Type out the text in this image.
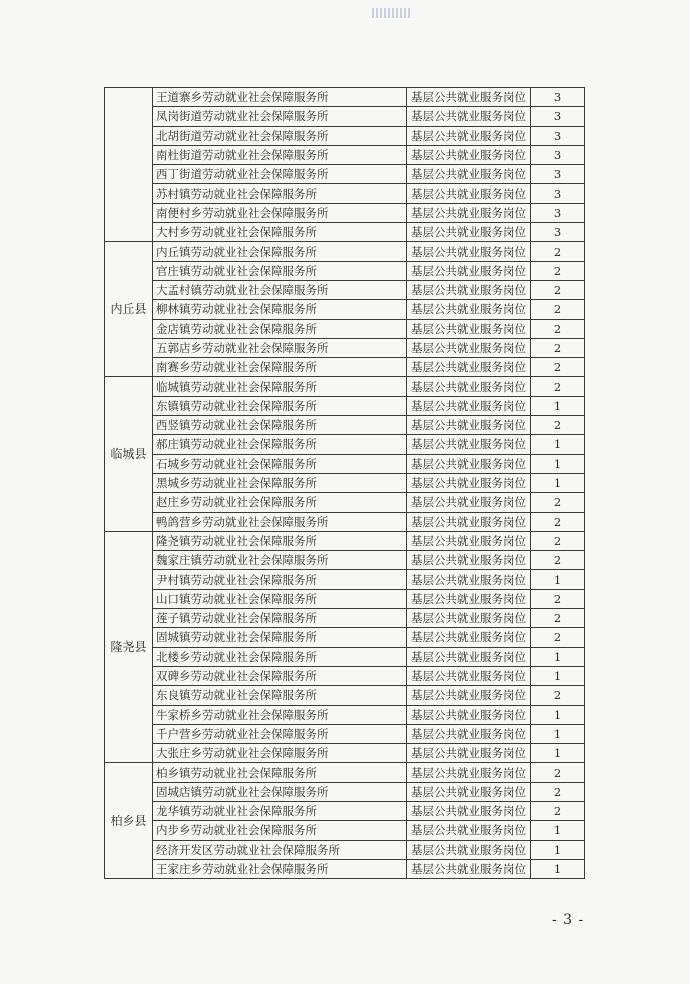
	王道寨乡劳动就业社会保障服务所	基层公共就业服务岗位	3
	凤岗街道劳动就业社会保障服务所	基层公共就业服务岗位	3
	北胡街道劳动就业社会保障服务所	基层公共就业服务岗位	3
	南杜街道劳动就业社会保障服务所	基层公共就业服务岗位	3
	西丁街道劳动就业社会保障服务所	基层公共就业服务岗位	3
	苏村镇劳动就业社会保障服务所	基层公共就业服务岗位	3
	南便村乡劳动就业社会保障服务所	基层公共就业服务岗位	3
	大村乡劳动就业社会保障服务所	基层公共就业服务岗位	3
内丘县	内丘镇劳动就业社会保障服务所	基层公共就业服务岗位	2
	官庄镇劳动就业社会保障服务所	基层公共就业服务岗位	2
	大孟村镇劳动就业社会保障服务所	基层公共就业服务岗位	2
	柳林镇劳动就业社会保障服务所	基层公共就业服务岗位	2
	金店镇劳动就业社会保障服务所	基层公共就业服务岗位	2
	五郭店乡劳动就业社会保障服务所	基层公共就业服务岗位	2
	南赛乡劳动就业社会保障服务所	基层公共就业服务岗位	2
临城县	临城镇劳动就业社会保障服务所	基层公共就业服务岗位	2
	东镇镇劳动就业社会保障服务所	基层公共就业服务岗位	1
	西竖镇劳动就业社会保障服务所	基层公共就业服务岗位	2
	郝庄镇劳动就业社会保障服务所	基层公共就业服务岗位	1
	石城乡劳动就业社会保障服务所	基层公共就业服务岗位	1
	黑城乡劳动就业社会保障服务所	基层公共就业服务岗位	1
	赵庄乡劳动就业社会保障服务所	基层公共就业服务岗位	2
	鸭鸽营乡劳动就业社会保障服务所	基层公共就业服务岗位	2
隆尧县	隆尧镇劳动就业社会保障服务所	基层公共就业服务岗位	2
	魏家庄镇劳动就业社会保障服务所	基层公共就业服务岗位	2
	尹村镇劳动就业社会保障服务所	基层公共就业服务岗位	1
	山口镇劳动就业社会保障服务所	基层公共就业服务岗位	2
	莲子镇劳动就业社会保障服务所	基层公共就业服务岗位	2
	固城镇劳动就业社会保障服务所	基层公共就业服务岗位	2
	北楼乡劳动就业社会保障服务所	基层公共就业服务岗位	1
	双碑乡劳动就业社会保障服务所	基层公共就业服务岗位	1
	东良镇劳动就业社会保障服务所	基层公共就业服务岗位	2
	牛家桥乡劳动就业社会保障服务所	基层公共就业服务岗位	1
	千户营乡劳动就业社会保障服务所	基层公共就业服务岗位	1
	大张庄乡劳动就业社会保障服务所	基层公共就业服务岗位	1
柏乡县	柏乡镇劳动就业社会保障服务所	基层公共就业服务岗位	2
	固城店镇劳动就业社会保障服务所	基层公共就业服务岗位	2
	龙华镇劳动就业社会保障服务所	基层公共就业服务岗位	2
	内步乡劳动就业社会保障服务所	基层公共就业服务岗位	1
	经济开发区劳动就业社会保障服务所	基层公共就业服务岗位	1
	王家庄乡劳动就业社会保障服务所	基层公共就业服务岗位	1
- 3 -
